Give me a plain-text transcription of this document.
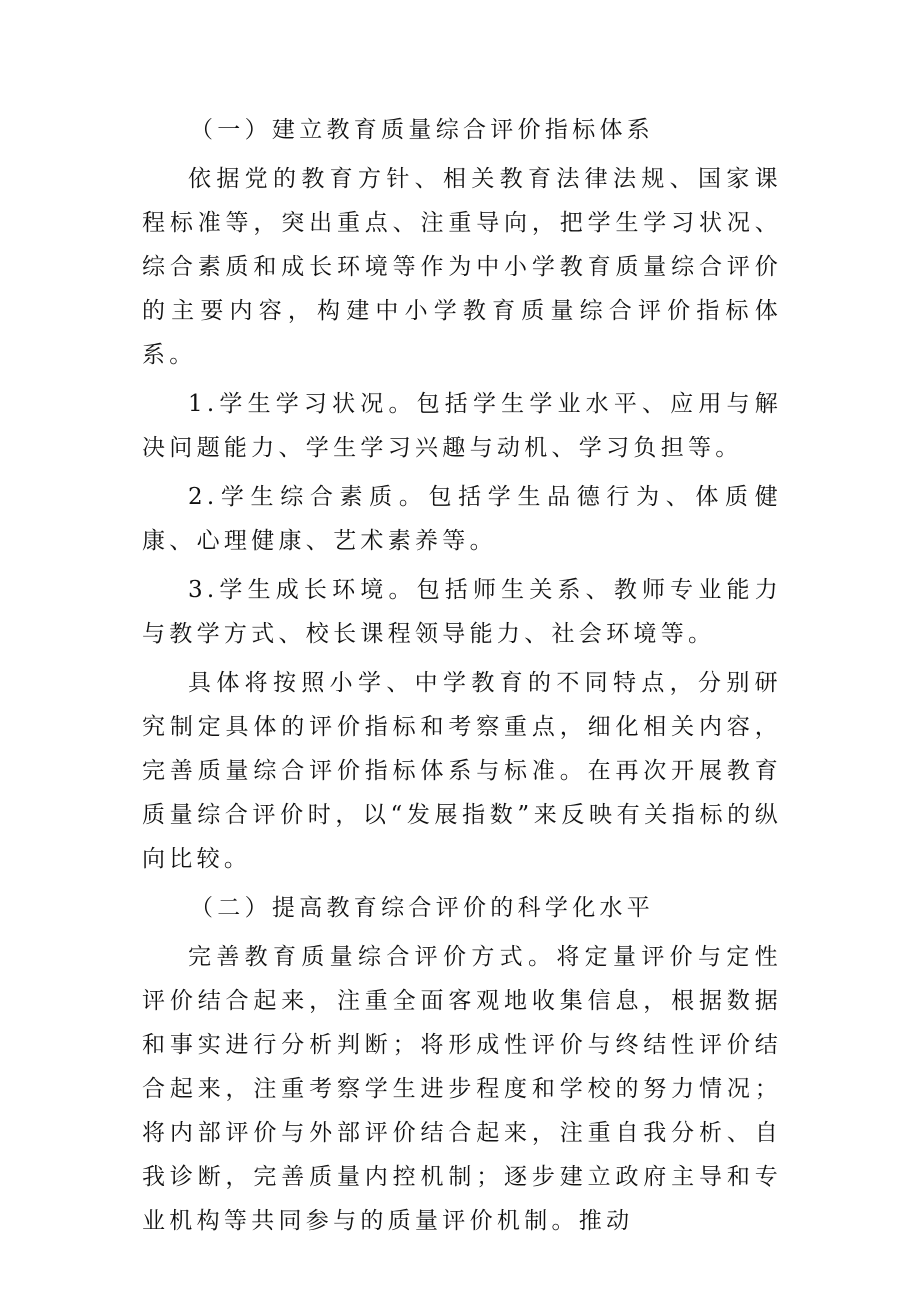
（一）建立教育质量综合评价指标体系

依据党的教育方针、相关教育法律法规、国家课程标准等，突出重点、注重导向，把学生学习状况、综合素质和成长环境等作为中小学教育质量综合评价的主要内容，构建中小学教育质量综合评价指标体系。

1.学生学习状况。包括学生学业水平、应用与解决问题能力、学生学习兴趣与动机、学习负担等。

2.学生综合素质。包括学生品德行为、体质健康、心理健康、艺术素养等。

3.学生成长环境。包括师生关系、教师专业能力与教学方式、校长课程领导能力、社会环境等。

具体将按照小学、中学教育的不同特点，分别研究制定具体的评价指标和考察重点，细化相关内容，完善质量综合评价指标体系与标准。在再次开展教育质量综合评价时，以“发展指数”来反映有关指标的纵向比较。

（二）提高教育综合评价的科学化水平

完善教育质量综合评价方式。将定量评价与定性评价结合起来，注重全面客观地收集信息，根据数据和事实进行分析判断；将形成性评价与终结性评价结合起来，注重考察学生进步程度和学校的努力情况；将内部评价与外部评价结合起来，注重自我分析、自我诊断，完善质量内控机制；逐步建立政府主导和专业机构等共同参与的质量评价机制。推动
